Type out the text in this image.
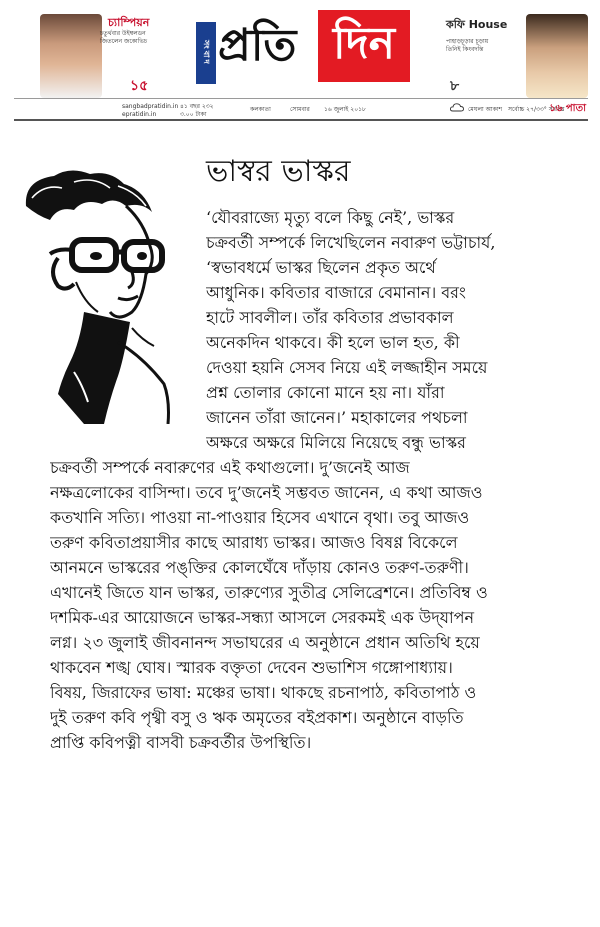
চ্যাম্পিয়ন
চতুর্থবার উইম্বলডন
জিতলেন জকোভিচ
১৫
সংবাদ প্রতি দিন	কফি House
পাহাড়চূড়ার চূড়ায়
তিনিই কিংবদন্তি
৮
sangbadpratidin.in
epratidin.in
৪১ বছর ২৩২
৩.০০ টাকা
কলকাতা	সোমবার ১৬ জুলাই ২০১৮	মেঘলা আকাশ সর্বোচ্চ ২৭/৩৩° সর্বনিম্ন
১৬ পাতা
ভাস্বর ভাস্কর
‘যৌবরাজ্যে মৃত্যু বলে কিছু নেই’, ভাস্কর
চক্রবর্তী সম্পর্কে লিখেছিলেন নবারুণ ভট্টাচার্য,
‘স্বভাবধর্মে ভাস্কর ছিলেন প্রকৃত অর্থে
আধুনিক। কবিতার বাজারে বেমানান। বরং
হাটে সাবলীল। তাঁর কবিতার প্রভাবকাল
অনেকদিন থাকবে। কী হলে ভাল হত, কী
দেওয়া হয়নি সেসব নিয়ে এই লজ্জাহীন সময়ে
প্রশ্ন তোলার কোনো মানে হয় না। যাঁরা
জানেন তাঁরা জানেন।’ মহাকালের পথচলা
অক্ষরে অক্ষরে মিলিয়ে নিয়েছে বন্ধু ভাস্কর
চক্রবর্তী সম্পর্কে নবারুণের এই কথাগুলো। দু’জনেই আজ
নক্ষত্রলোকের বাসিন্দা। তবে দু’জনেই সম্ভবত জানেন, এ কথা আজও
কতখানি সত্যি। পাওয়া না-পাওয়ার হিসেব এখানে বৃথা। তবু আজও
তরুণ কবিতাপ্রয়াসীর কাছে আরাধ্য ভাস্কর। আজও বিষণ্ণ বিকেলে
আনমনে ভাস্করের পঙ্‌ক্তির কোলঘেঁষে দাঁড়ায় কোনও তরুণ-তরুণী।
এখানেই জিতে যান ভাস্কর, তারুণ্যের সুতীব্র সেলিব্রেশনে। প্রতিবিম্ব ও
দশমিক-এর আয়োজনে ভাস্কর-সন্ধ্যা আসলে সেরকমই এক উদ্‌যাপন
লগ্ন। ২৩ জুলাই জীবনানন্দ সভাঘরের এ অনুষ্ঠানে প্রধান অতিথি হয়ে
থাকবেন শঙ্খ ঘোষ। স্মারক বক্তৃতা দেবেন শুভাশিস গঙ্গোপাধ্যায়।
বিষয়, জিরাফের ভাষা: মঞ্চের ভাষা। থাকছে রচনাপাঠ, কবিতাপাঠ ও
দুই তরুণ কবি পৃথ্বী বসু ও ঋক অমৃতের বইপ্রকাশ। অনুষ্ঠানে বাড়তি
প্রাপ্তি কবিপত্নী বাসবী চক্রবর্তীর উপস্থিতি।
